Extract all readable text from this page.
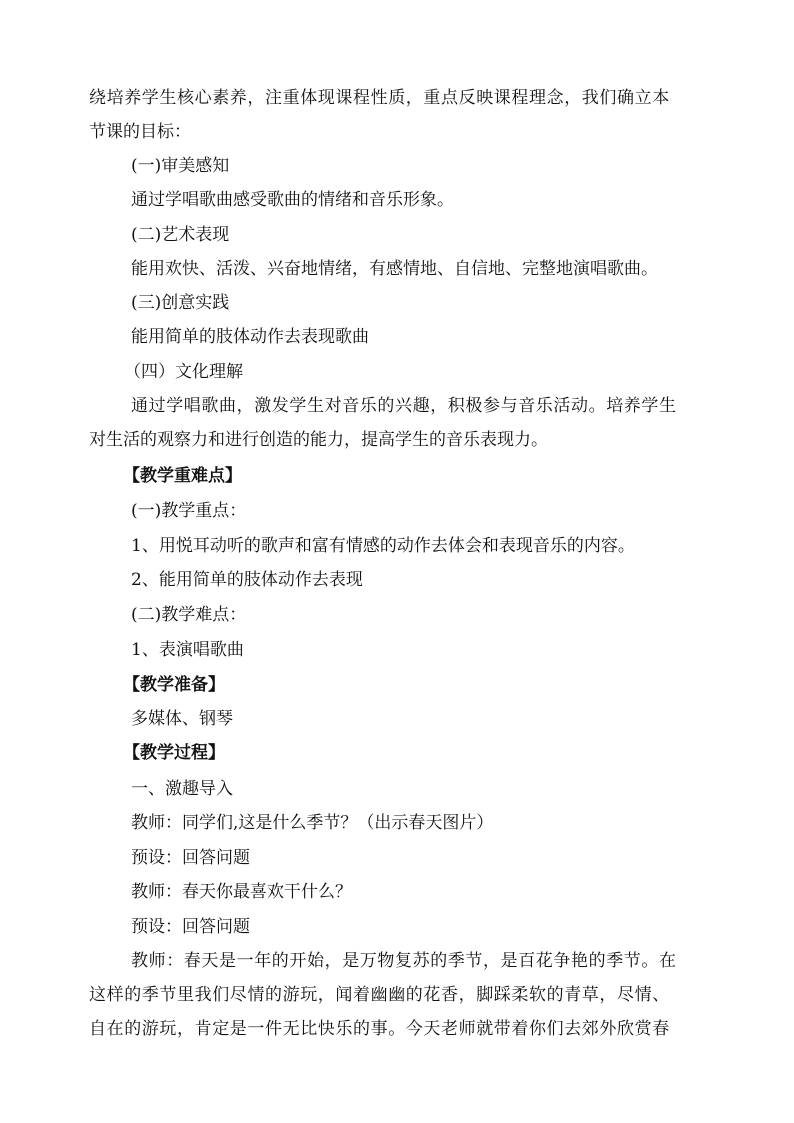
绕培养学生核心素养，注重体现课程性质，重点反映课程理念，我们确立本
节课的目标：
(一)审美感知
通过学唱歌曲感受歌曲的情绪和音乐形象。
(二)艺术表现
能用欢快、活泼、兴奋地情绪，有感情地、自信地、完整地演唱歌曲。
(三)创意实践
能用简单的肢体动作去表现歌曲
（四）文化理解
通过学唱歌曲，激发学生对音乐的兴趣，积极参与音乐活动。培养学生
对生活的观察力和进行创造的能力，提高学生的音乐表现力。
【教学重难点】
(一)教学重点：
1、用悦耳动听的歌声和富有情感的动作去体会和表现音乐的内容。
2、能用简单的肢体动作去表现
(二)教学难点：
1、表演唱歌曲
【教学准备】
多媒体、钢琴
【教学过程】
一、激趣导入
教师：同学们,这是什么季节？（出示春天图片）
预设：回答问题
教师：春天你最喜欢干什么？
预设：回答问题
教师：春天是一年的开始，是万物复苏的季节，是百花争艳的季节。在
这样的季节里我们尽情的游玩，闻着幽幽的花香，脚踩柔软的青草，尽情、
自在的游玩，肯定是一件无比快乐的事。今天老师就带着你们去郊外欣赏春
